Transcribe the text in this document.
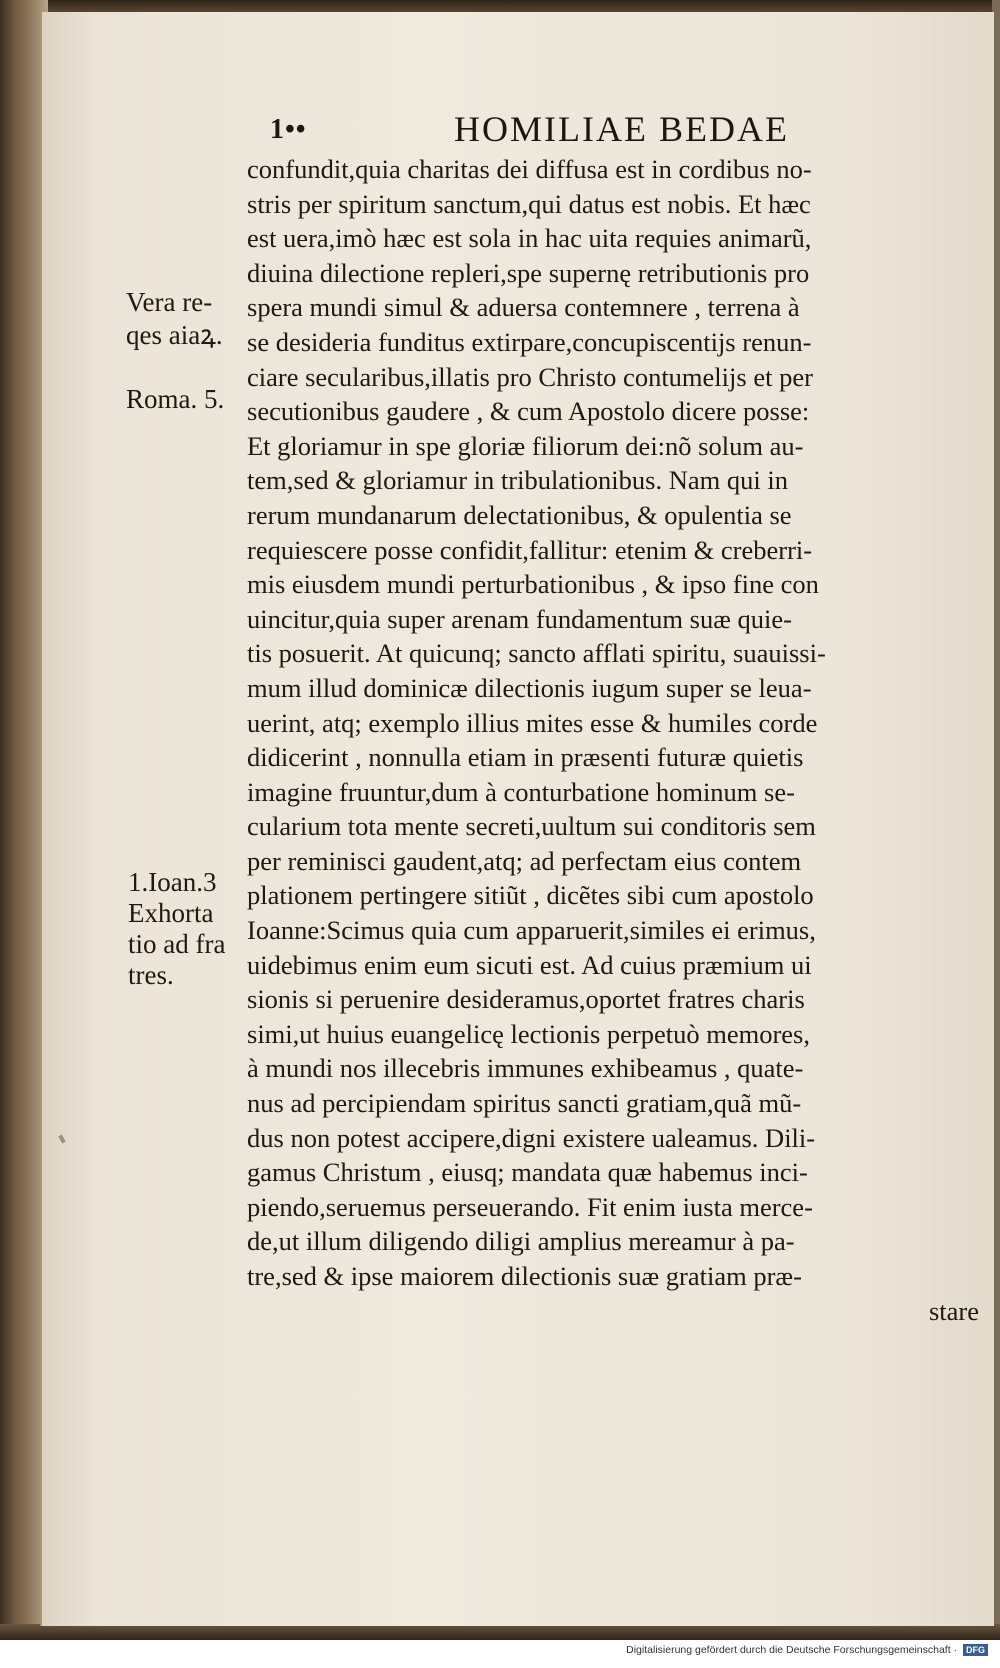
1••	HOMILIAE BEDAE
Vera re-
qes aiaꝝ.
Roma. 5.
1.Ioan.3
Exhorta
tio ad fra
tres.
confundit,quia charitas dei diffusa est in cordibus no-
stris per spiritum sanctum,qui datus est nobis. Et hæc
est uera,imò hæc est sola in hac uita requies animarũ,
diuina dilectione repleri,spe supernę retributionis pro
spera mundi simul & aduersa contemnere , terrena à
se desideria funditus extirpare,concupiscentijs renun-
ciare secularibus,illatis pro Christo contumelijs et per
secutionibus gaudere , & cum Apostolo dicere posse:
Et gloriamur in spe gloriæ filiorum dei:nõ solum au-
tem,sed & gloriamur in tribulationibus. Nam qui in
rerum mundanarum delectationibus, & opulentia se
requiescere posse confidit,fallitur: etenim & creberri-
mis eiusdem mundi perturbationibus , & ipso fine con
uincitur,quia super arenam fundamentum suæ quie-
tis posuerit. At quicunq; sancto afflati spiritu, suauissi-
mum illud dominicæ dilectionis iugum super se leua-
uerint, atq; exemplo illius mites esse & humiles corde
didicerint , nonnulla etiam in præsenti futuræ quietis
imagine fruuntur,dum à conturbatione hominum se-
cularium tota mente secreti,uultum sui conditoris sem
per reminisci gaudent,atq; ad perfectam eius contem
plationem pertingere sitiũt , dicẽtes sibi cum apostolo
Ioanne:Scimus quia cum apparuerit,similes ei erimus,
uidebimus enim eum sicuti est. Ad cuius præmium ui
sionis si peruenire desideramus,oportet fratres charis
simi,ut huius euangelicę lectionis perpetuò memores,
à mundi nos illecebris immunes exhibeamus , quate-
nus ad percipiendam spiritus sancti gratiam,quã mũ-
dus non potest accipere,digni existere ualeamus. Dili-
gamus Christum , eiusq; mandata quæ habemus inci-
piendo,seruemus perseuerando. Fit enim iusta merce-
de,ut illum diligendo diligi amplius mereamur à pa-
tre,sed & ipse maiorem dilectionis suæ gratiam præ-
stare
Digitalisierung gefördert durch die Deutsche Forschungsgemeinschaft · DFG
